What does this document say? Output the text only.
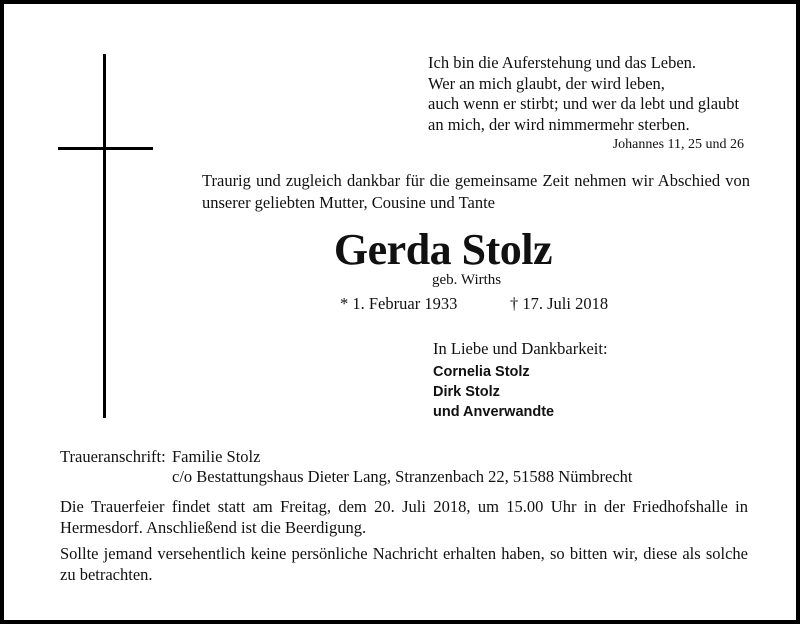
Ich bin die Auferstehung und das Leben.
Wer an mich glaubt, der wird leben,
auch wenn er stirbt; und wer da lebt und glaubt
an mich, der wird nimmermehr sterben.
Johannes 11, 25 und 26
Traurig und zugleich dankbar für die gemeinsame Zeit nehmen wir Abschied von
unserer geliebten Mutter, Cousine und Tante
Gerda Stolz
geb. Wirths
* 1. Februar 1933	† 17. Juli 2018
In Liebe und Dankbarkeit:
Cornelia Stolz
Dirk Stolz
und Anverwandte
Traueranschrift: Familie Stolz
c/o Bestattungshaus Dieter Lang, Stranzenbach 22, 51588 Nümbrecht
Die Trauerfeier findet statt am Freitag, dem 20. Juli 2018, um 15.00 Uhr in der Friedhofshalle in
Hermesdorf. Anschließend ist die Beerdigung.
Sollte jemand versehentlich keine persönliche Nachricht erhalten haben, so bitten wir, diese als solche
zu betrachten.
